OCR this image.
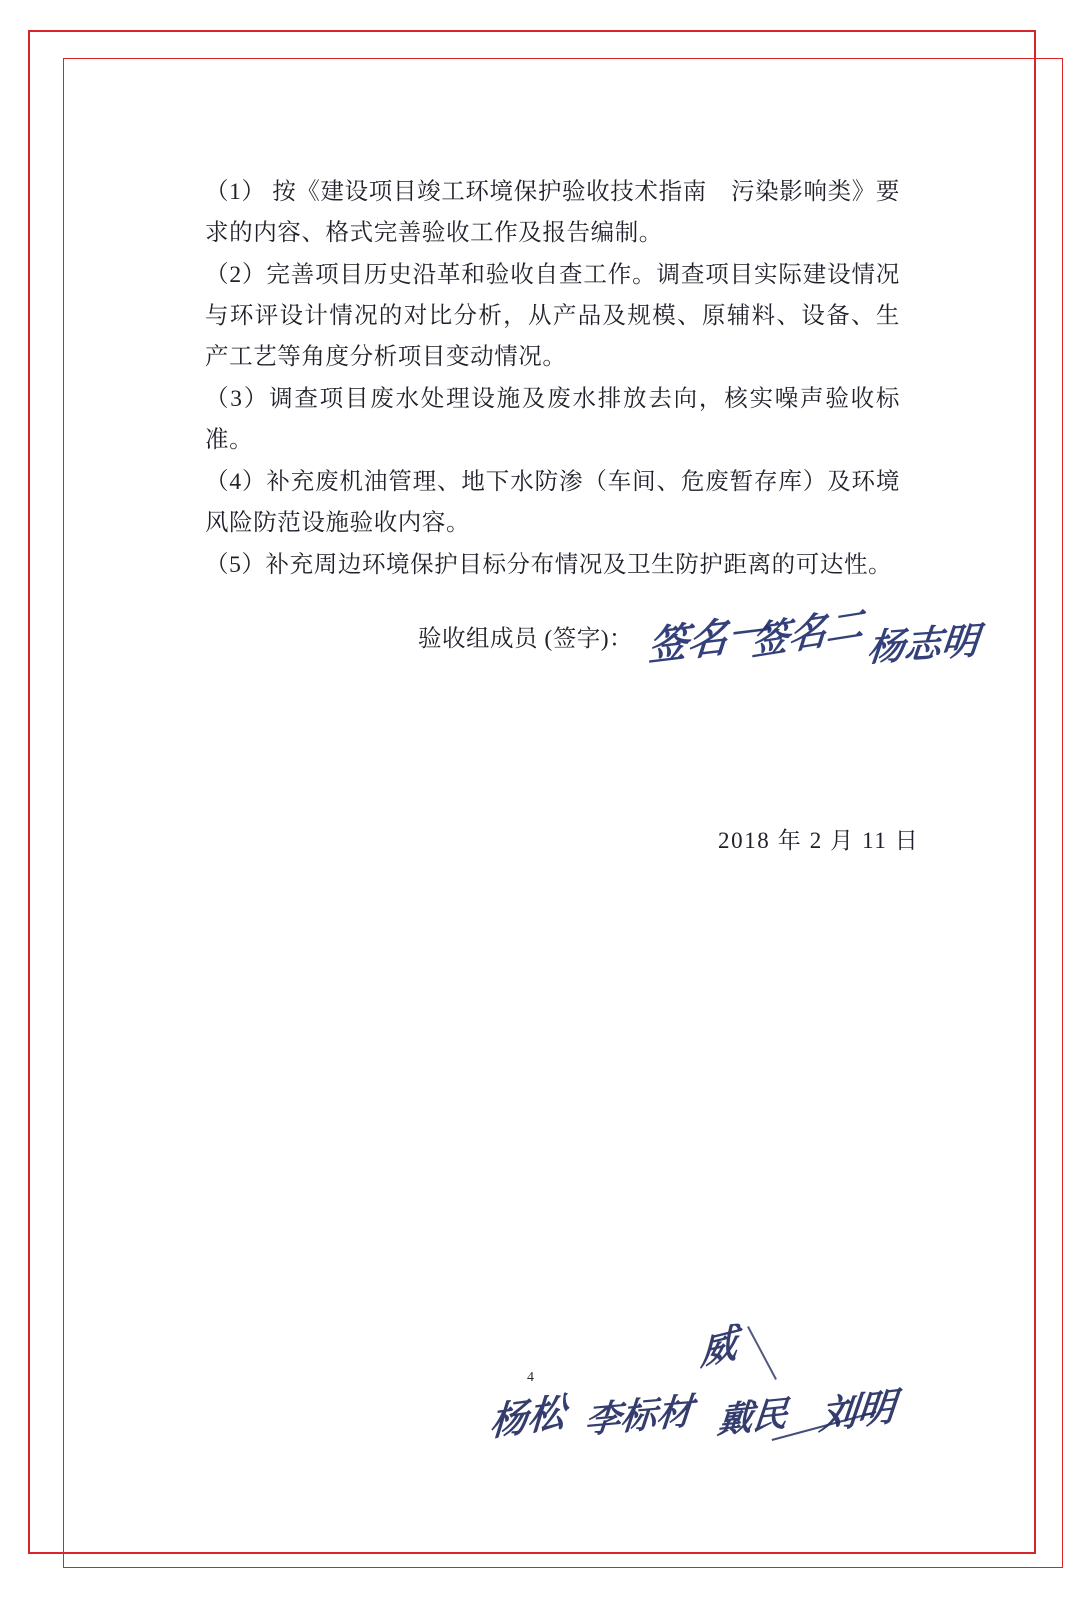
（1） 按《建设项目竣工环境保护验收技术指南　污染影响类》要求的内容、格式完善验收工作及报告编制。

（2）完善项目历史沿革和验收自查工作。调查项目实际建设情况与环评设计情况的对比分析，从产品及规模、原辅料、设备、生产工艺等角度分析项目变动情况。

（3）调查项目废水处理设施及废水排放去向，核实噪声验收标准。

（4）补充废机油管理、地下水防渗（车间、危废暂存库）及环境风险防范设施验收内容。

（5）补充周边环境保护目标分布情况及卫生防护距离的可达性。

验收组成员 (签字)： 签名一
签名二 杨志明
2018 年 2 月 11 日
4
威
杨松 李标材 戴民 刘明
